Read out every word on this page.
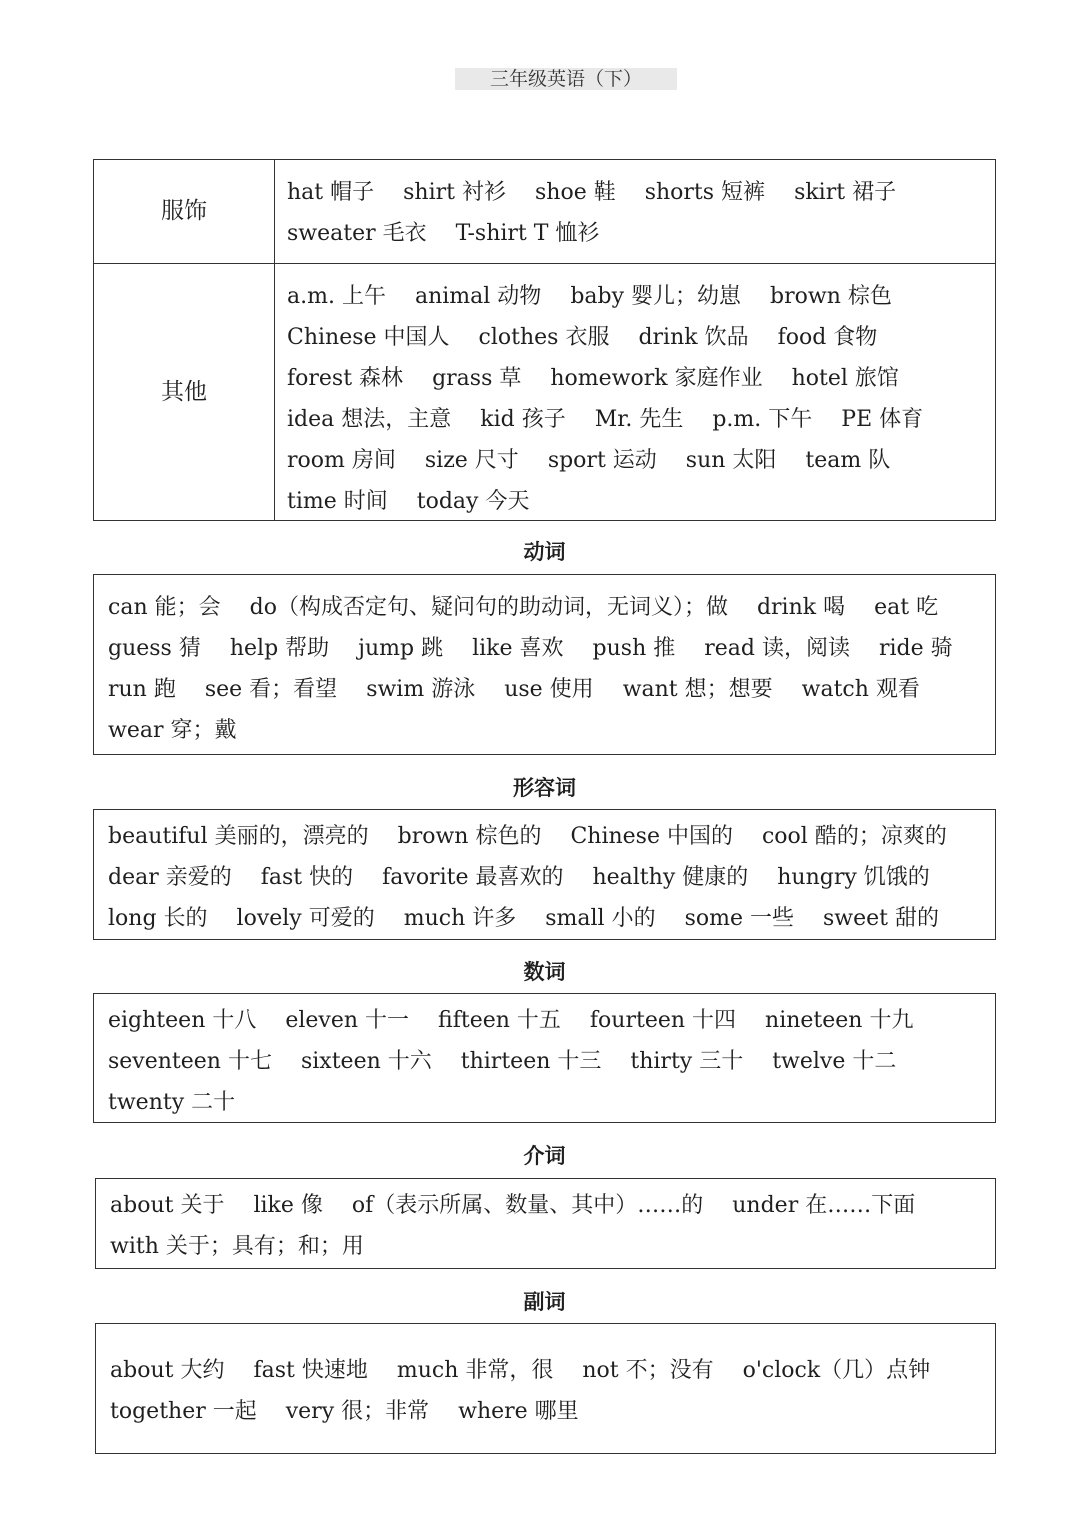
三年级英语（下）
服饰
hat 帽子 shirt 衬衫 shoe 鞋 shorts 短裤 skirt 裙子 sweater 毛衣 T-shirt T 恤衫
其他
a.m. 上午 animal 动物 baby 婴儿；幼崽 brown 棕色 Chinese 中国人 clothes 衣服 drink 饮品 food 食物 forest 森林 grass 草 homework 家庭作业 hotel 旅馆 idea 想法，主意 kid 孩子 Mr. 先生 p.m. 下午 PE 体育 room 房间 size 尺寸 sport 运动 sun 太阳 team 队 time 时间 today 今天
动词
can 能；会 do（构成否定句、疑问句的助动词，无词义）；做 drink 喝 eat 吃 guess 猜 help 帮助 jump 跳 like 喜欢 push 推 read 读，阅读 ride 骑 run 跑 see 看；看望 swim 游泳 use 使用 want 想；想要 watch 观看 wear 穿；戴
形容词
beautiful 美丽的，漂亮的 brown 棕色的 Chinese 中国的 cool 酷的；凉爽的 dear 亲爱的 fast 快的 favorite 最喜欢的 healthy 健康的 hungry 饥饿的 long 长的 lovely 可爱的 much 许多 small 小的 some 一些 sweet 甜的
数词
eighteen 十八 eleven 十一 fifteen 十五 fourteen 十四 nineteen 十九 seventeen 十七 sixteen 十六 thirteen 十三 thirty 三十 twelve 十二 twenty 二十
介词
about 关于 like 像 of（表示所属、数量、其中）……的 under 在……下面 with 关于；具有；和；用
副词
about 大约 fast 快速地 much 非常，很 not 不；没有 o'clock（几）点钟 together 一起 very 很；非常 where 哪里
